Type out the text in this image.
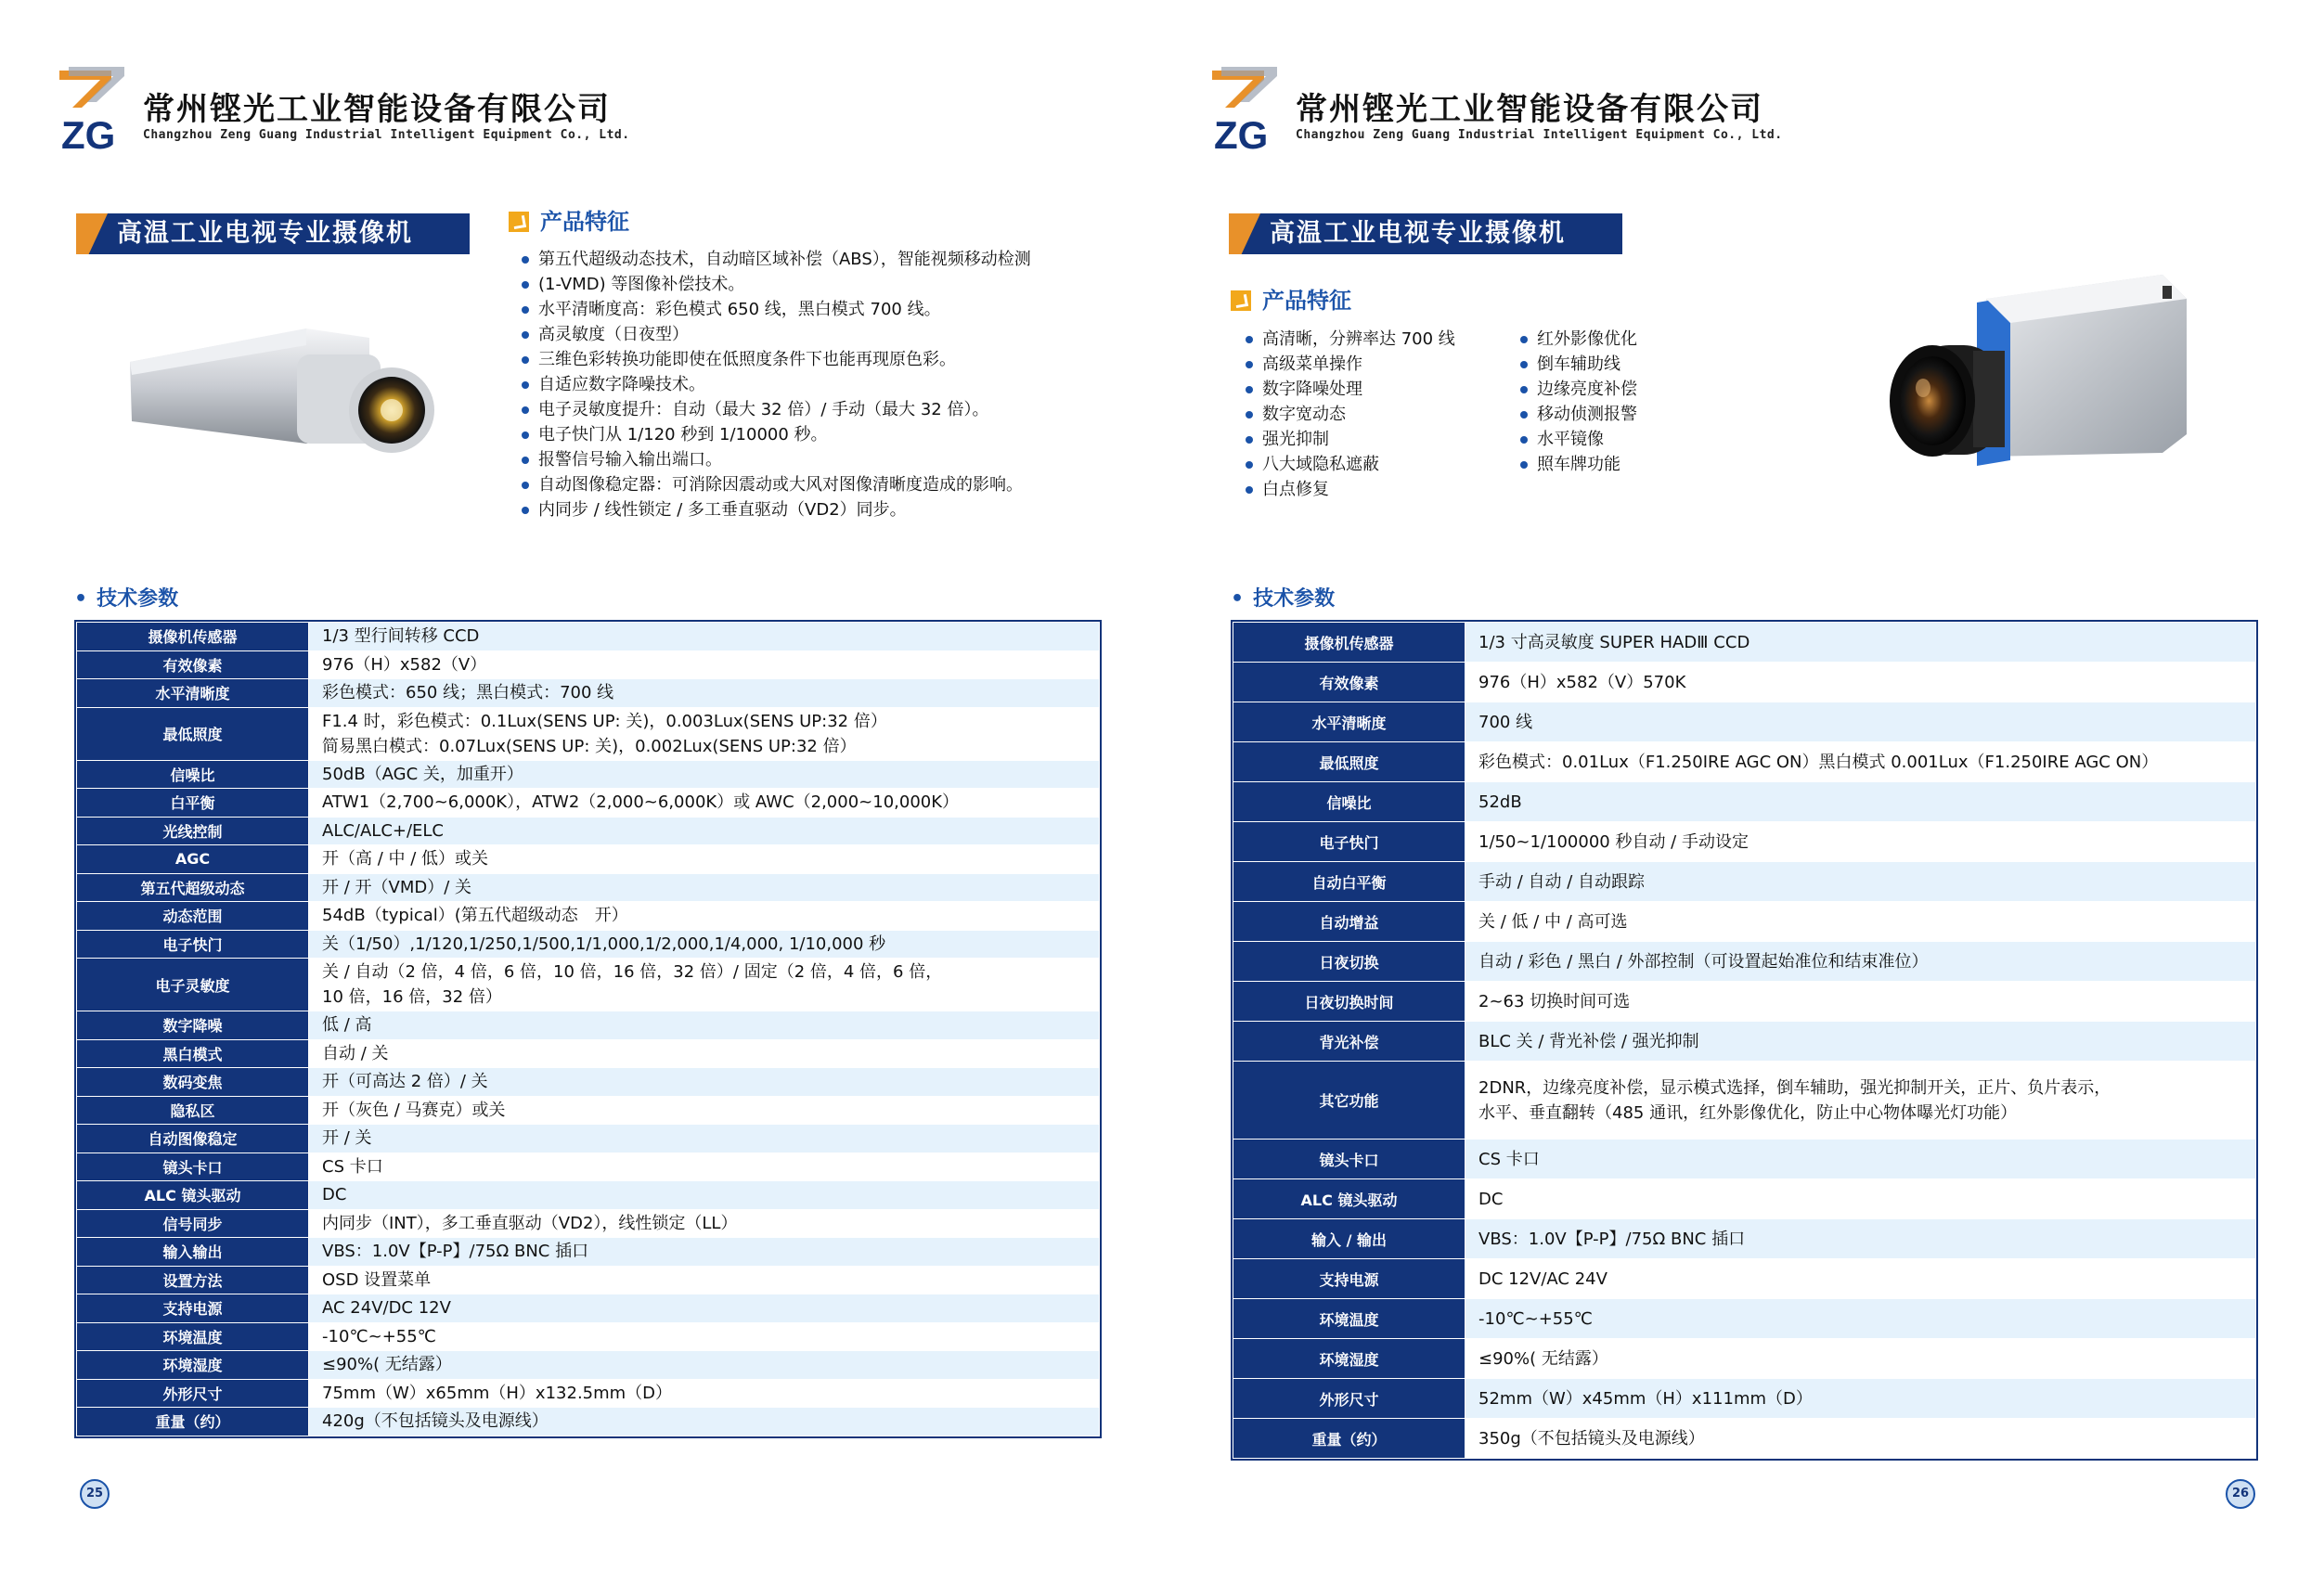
ZG
常州铿光工业智能设备有限公司
Changzhou Zeng Guang Industrial Intelligent Equipment Co., Ltd.
高温工业电视专业摄像机	产品特征
第五代超级动态技术，自动暗区域补偿（ABS），智能视频移动检测
(1-VMD) 等图像补偿技术。
水平清晰度高：彩色模式 650 线，黑白模式 700 线。
高灵敏度（日夜型）
三维色彩转换功能即使在低照度条件下也能再现原色彩。
自适应数字降噪技术。
电子灵敏度提升：自动（最大 32 倍）/ 手动（最大 32 倍）。
电子快门从 1/120 秒到 1/10000 秒。
报警信号输入输出端口。
自动图像稳定器：可消除因震动或大风对图像清晰度造成的影响。
内同步 / 线性锁定 / 多工垂直驱动（VD2）同步。
• 技术参数
摄像机传感器	1/3 型行间转移 CCD

有效像素	976（H）x582（V）

水平清晰度	彩色模式：650 线；黑白模式：700 线

最低照度	F1.4 时，彩色模式：0.1Lux(SENS UP: 关)，0.003Lux(SENS UP:32 倍）
简易黑白模式：0.07Lux(SENS UP: 关)，0.002Lux(SENS UP:32 倍）

信噪比	50dB（AGC 关，加重开）

白平衡	ATW1（2,700~6,000K），ATW2（2,000~6,000K）或 AWC（2,000~10,000K）

光线控制	ALC/ALC+/ELC

AGC	开（高 / 中 / 低）或关

第五代超级动态	开 / 开（VMD）/ 关

动态范围	54dB（typical）(第五代超级动态　开）

电子快门	关（1/50）,1/120,1/250,1/500,1/1,000,1/2,000,1/4,000, 1/10,000 秒

电子灵敏度	关 / 自动（2 倍，4 倍，6 倍，10 倍，16 倍，32 倍）/ 固定（2 倍，4 倍，6 倍，
10 倍，16 倍，32 倍）

数字降噪	低 / 高

黑白模式	自动 / 关

数码变焦	开（可高达 2 倍）/ 关

隐私区	开（灰色 / 马赛克）或关

自动图像稳定	开 / 关

镜头卡口	CS 卡口

ALC 镜头驱动	DC

信号同步	内同步（INT），多工垂直驱动（VD2），线性锁定（LL）

输入输出	VBS：1.0V【P-P】/75Ω BNC 插口

设置方法	OSD 设置菜单

支持电源	AC 24V/DC 12V

环境温度	-10℃~+55℃

环境湿度	≤90%( 无结露）

外形尺寸	75mm（W）x65mm（H）x132.5mm（D）

重量（约）	420g（不包括镜头及电源线）
25
ZG
常州铿光工业智能设备有限公司
Changzhou Zeng Guang Industrial Intelligent Equipment Co., Ltd.
高温工业电视专业摄像机
产品特征
高清晰，分辨率达 700 线
高级菜单操作
数字降噪处理
数字宽动态
强光抑制
八大域隐私遮蔽
白点修复
红外影像优化
倒车辅助线
边缘亮度补偿
移动侦测报警
水平镜像
照车牌功能
• 技术参数
摄像机传感器	1/3 寸高灵敏度 SUPER HADⅢ CCD

有效像素	976（H）x582（V）570K

水平清晰度	700 线

最低照度	彩色模式：0.01Lux（F1.250IRE AGC ON）黑白模式 0.001Lux（F1.250IRE AGC ON）

信噪比	52dB

电子快门	1/50~1/100000 秒自动 / 手动设定

自动白平衡	手动 / 自动 / 自动跟踪

自动增益	关 / 低 / 中 / 高可选

日夜切换	自动 / 彩色 / 黑白 / 外部控制（可设置起始准位和结束准位）

日夜切换时间	2~63 切换时间可选

背光补偿	BLC 关 / 背光补偿 / 强光抑制

其它功能	2DNR，边缘亮度补偿，显示模式选择，倒车辅助，强光抑制开关，正片、负片表示，
水平、垂直翻转（485 通讯，红外影像优化，防止中心物体曝光灯功能）

镜头卡口	CS 卡口

ALC 镜头驱动	DC

输入 / 输出	VBS：1.0V【P-P】/75Ω BNC 插口

支持电源	DC 12V/AC 24V

环境温度	-10℃~+55℃

环境湿度	≤90%( 无结露）

外形尺寸	52mm（W）x45mm（H）x111mm（D）

重量（约）	350g（不包括镜头及电源线）
26
